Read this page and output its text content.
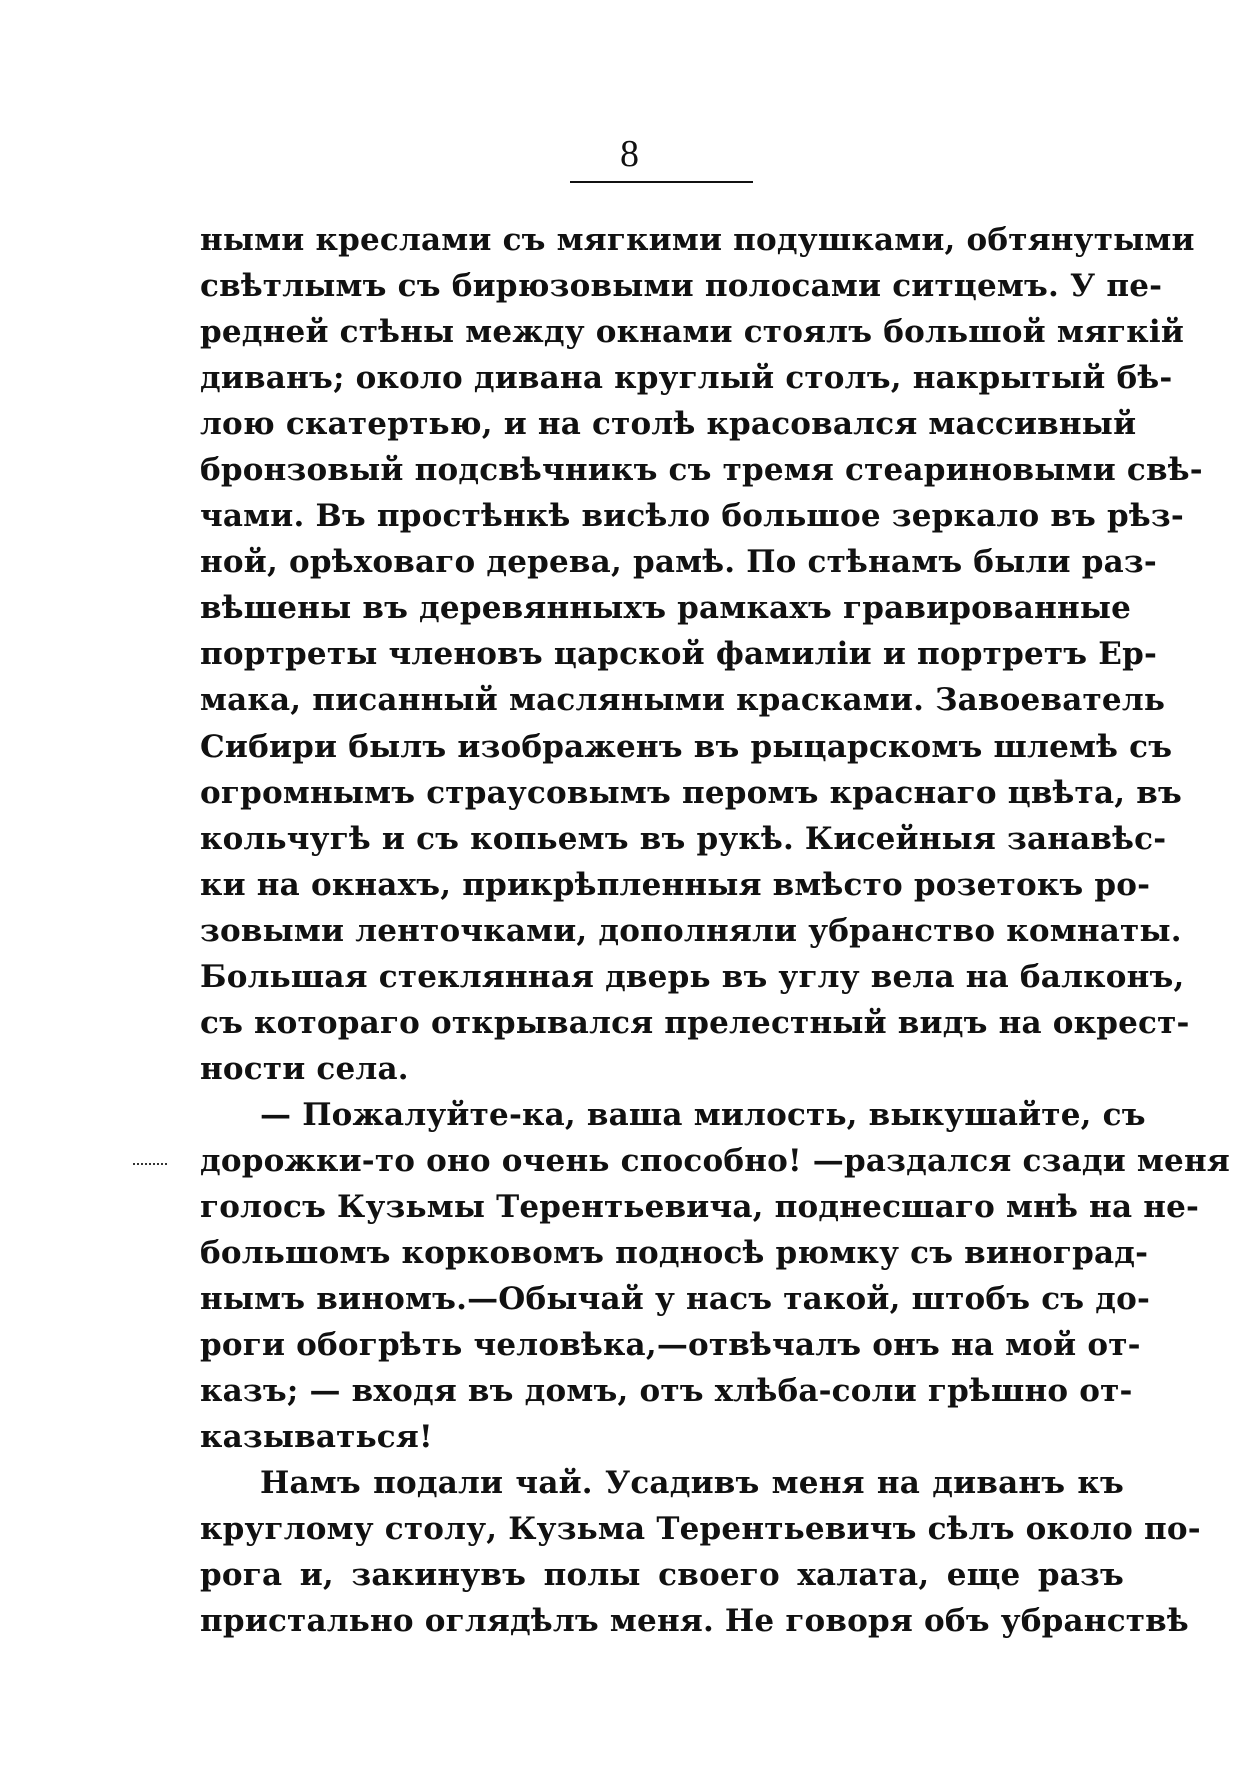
8
ными креслами съ мягкими подушками, обтянутыми
свѣтлымъ съ бирюзовыми полосами ситцемъ. У пе-
редней стѣны между окнами стоялъ большой мягкій
диванъ; около дивана круглый столъ, накрытый бѣ-
лою скатертью, и на столѣ красовался массивный
бронзовый подсвѣчникъ съ тремя стеариновыми свѣ-
чами. Въ простѣнкѣ висѣло большое зеркало въ рѣз-
ной, орѣховаго дерева, рамѣ. По стѣнамъ были раз-
вѣшены въ деревянныхъ рамкахъ гравированные
портреты членовъ царской фамиліи и портретъ Ер-
мака, писанный масляными красками. Завоеватель
Сибири былъ изображенъ въ рыцарскомъ шлемѣ съ
огромнымъ страусовымъ перомъ краснаго цвѣта, въ
кольчугѣ и съ копьемъ въ рукѣ. Кисейныя занавѣс-
ки на окнахъ, прикрѣпленныя вмѣсто розетокъ ро-
зовыми ленточками, дополняли убранство комнаты.
Большая стеклянная дверь въ углу вела на балконъ,
съ котораго открывался прелестный видъ на окрест-
ности села.
— Пожалуйте-ка, ваша милость, выкушайте, съ
дорожки-то оно очень способно! —раздался сзади меня
голосъ Кузьмы Терентьевича, поднесшаго мнѣ на не-
большомъ корковомъ подносѣ рюмку съ виноград-
нымъ виномъ.—Обычай у насъ такой, штобъ съ до-
роги обогрѣть человѣка,—отвѣчалъ онъ на мой от-
казъ; — входя въ домъ, отъ хлѣба-соли грѣшно от-
казываться!
Намъ подали чай. Усадивъ меня на диванъ къ
круглому столу, Кузьма Терентьевичъ сѣлъ около по-
рога и, закинувъ полы своего халата, еще разъ
пристально оглядѣлъ меня. Не говоря объ убранствѣ
